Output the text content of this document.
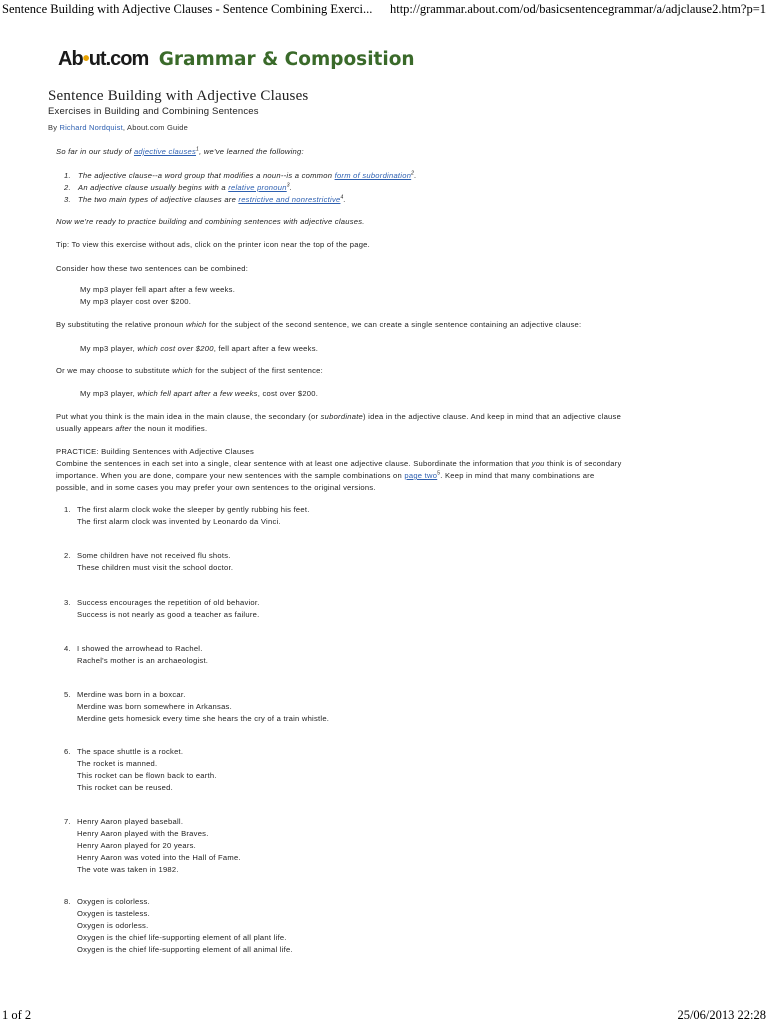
Sentence Building with Adjective Clauses - Sentence Combining Exerci... http://grammar.about.com/od/basicsentencegrammar/a/adjclause2.htm?p=1
Ab•ut.com Grammar & Composition
Sentence Building with Adjective Clauses
Exercises in Building and Combining Sentences
By Richard Nordquist, About.com Guide

So far in our study of adjective clauses$^1$, we've learned the following:

1. The adjective clause--a word group that modifies a noun--is a common form of subordination$^2$.
2. An adjective clause usually begins with a relative pronoun$^3$.
3. The two main types of adjective clauses are restrictive and nonrestrictive$^4$.

Now we're ready to practice building and combining sentences with adjective clauses.

Tip: To view this exercise without ads, click on the printer icon near the top of the page.

Consider how these two sentences can be combined:

My mp3 player fell apart after a few weeks.
My mp3 player cost over $200.

By substituting the relative pronoun which for the subject of the second sentence, we can create a single sentence containing an adjective clause:

My mp3 player, which cost over $200, fell apart after a few weeks.

Or we may choose to substitute which for the subject of the first sentence:

My mp3 player, which fell apart after a few weeks, cost over $200.

Put what you think is the main idea in the main clause, the secondary (or subordinate) idea in the adjective clause. And keep in mind that an adjective clause
usually appears after the noun it modifies.
PRACTICE: Building Sentences with Adjective Clauses
Combine the sentences in each set into a single, clear sentence with at least one adjective clause. Subordinate the information that you think is of secondary
importance. When you are done, compare your new sentences with the sample combinations on page two$^5$. Keep in mind that many combinations are
possible, and in some cases you may prefer your own sentences to the original versions.
1. The first alarm clock woke the sleeper by gently rubbing his feet.
The first alarm clock was invented by Leonardo da Vinci.
2. Some children have not received flu shots.
These children must visit the school doctor.
3. Success encourages the repetition of old behavior.
Success is not nearly as good a teacher as failure.
4. I showed the arrowhead to Rachel.
Rachel's mother is an archaeologist.
5. Merdine was born in a boxcar.
Merdine was born somewhere in Arkansas.
Merdine gets homesick every time she hears the cry of a train whistle.
6. The space shuttle is a rocket.
The rocket is manned.
This rocket can be flown back to earth.
This rocket can be reused.
7. Henry Aaron played baseball.
Henry Aaron played with the Braves.
Henry Aaron played for 20 years.
Henry Aaron was voted into the Hall of Fame.
The vote was taken in 1982.
8. Oxygen is colorless.
Oxygen is tasteless.
Oxygen is odorless.
Oxygen is the chief life-supporting element of all plant life.
Oxygen is the chief life-supporting element of all animal life.
1 of 2	25/06/2013 22:28
